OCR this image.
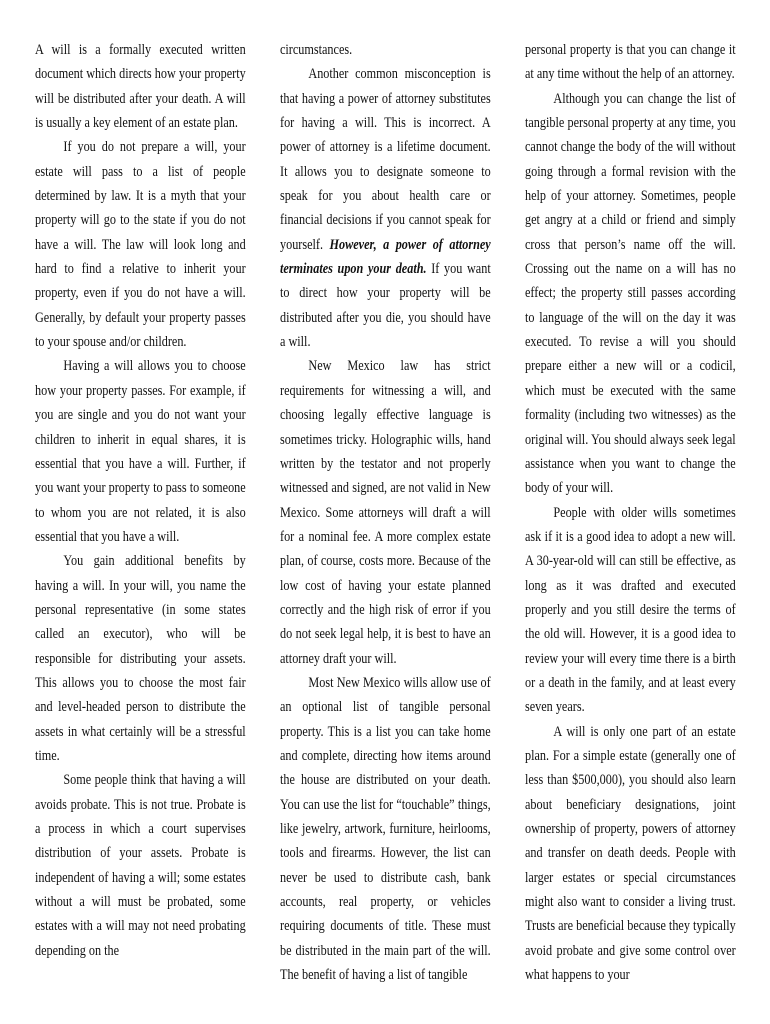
A will is a formally executed written document which directs how your property will be distributed after your death. A will is usually a key element of an estate plan.

If you do not prepare a will, your estate will pass to a list of people determined by law. It is a myth that your property will go to the state if you do not have a will. The law will look long and hard to find a relative to inherit your property, even if you do not have a will. Generally, by default your property passes to your spouse and/or children.

Having a will allows you to choose how your property passes. For example, if you are single and you do not want your children to inherit in equal shares, it is essential that you have a will. Further, if you want your property to pass to someone to whom you are not related, it is also essential that you have a will.

You gain additional benefits by having a will. In your will, you name the personal representative (in some states called an executor), who will be responsible for distributing your assets. This allows you to choose the most fair and level-headed person to distribute the assets in what certainly will be a stressful time.

Some people think that having a will avoids probate. This is not true. Probate is a process in which a court supervises distribution of your assets. Probate is independent of having a will; some estates without a will must be probated, some estates with a will may not need probating depending on the

circumstances.

Another common misconception is that having a power of attorney substitutes for having a will. This is incorrect. A power of attorney is a lifetime document. It allows you to designate someone to speak for you about health care or financial decisions if you cannot speak for yourself. However, a power of attorney terminates upon your death. If you want to direct how your property will be distributed after you die, you should have a will.

New Mexico law has strict requirements for witnessing a will, and choosing legally effective language is sometimes tricky. Holographic wills, hand written by the testator and not properly witnessed and signed, are not valid in New Mexico. Some attorneys will draft a will for a nominal fee. A more complex estate plan, of course, costs more. Because of the low cost of having your estate planned correctly and the high risk of error if you do not seek legal help, it is best to have an attorney draft your will.

Most New Mexico wills allow use of an optional list of tangible personal property. This is a list you can take home and complete, directing how items around the house are distributed on your death. You can use the list for “touchable” things, like jewelry, artwork, furniture, heirlooms, tools and firearms. However, the list can never be used to distribute cash, bank accounts, real property, or vehicles requiring documents of title. These must be distributed in the main part of the will. The benefit of having a list of tangible

personal property is that you can change it at any time without the help of an attorney.

Although you can change the list of tangible personal property at any time, you cannot change the body of the will without going through a formal revision with the help of your attorney. Sometimes, people get angry at a child or friend and simply cross that person’s name off the will. Crossing out the name on a will has no effect; the property still passes according to language of the will on the day it was executed. To revise a will you should prepare either a new will or a codicil, which must be executed with the same formality (including two witnesses) as the original will. You should always seek legal assistance when you want to change the body of your will.

People with older wills sometimes ask if it is a good idea to adopt a new will. A 30-year-old will can still be effective, as long as it was drafted and executed properly and you still desire the terms of the old will. However, it is a good idea to review your will every time there is a birth or a death in the family, and at least every seven years.

A will is only one part of an estate plan. For a simple estate (generally one of less than $500,000), you should also learn about beneficiary designations, joint ownership of property, powers of attorney and transfer on death deeds. People with larger estates or special circumstances might also want to consider a living trust. Trusts are beneficial because they typically avoid probate and give some control over what happens to your
